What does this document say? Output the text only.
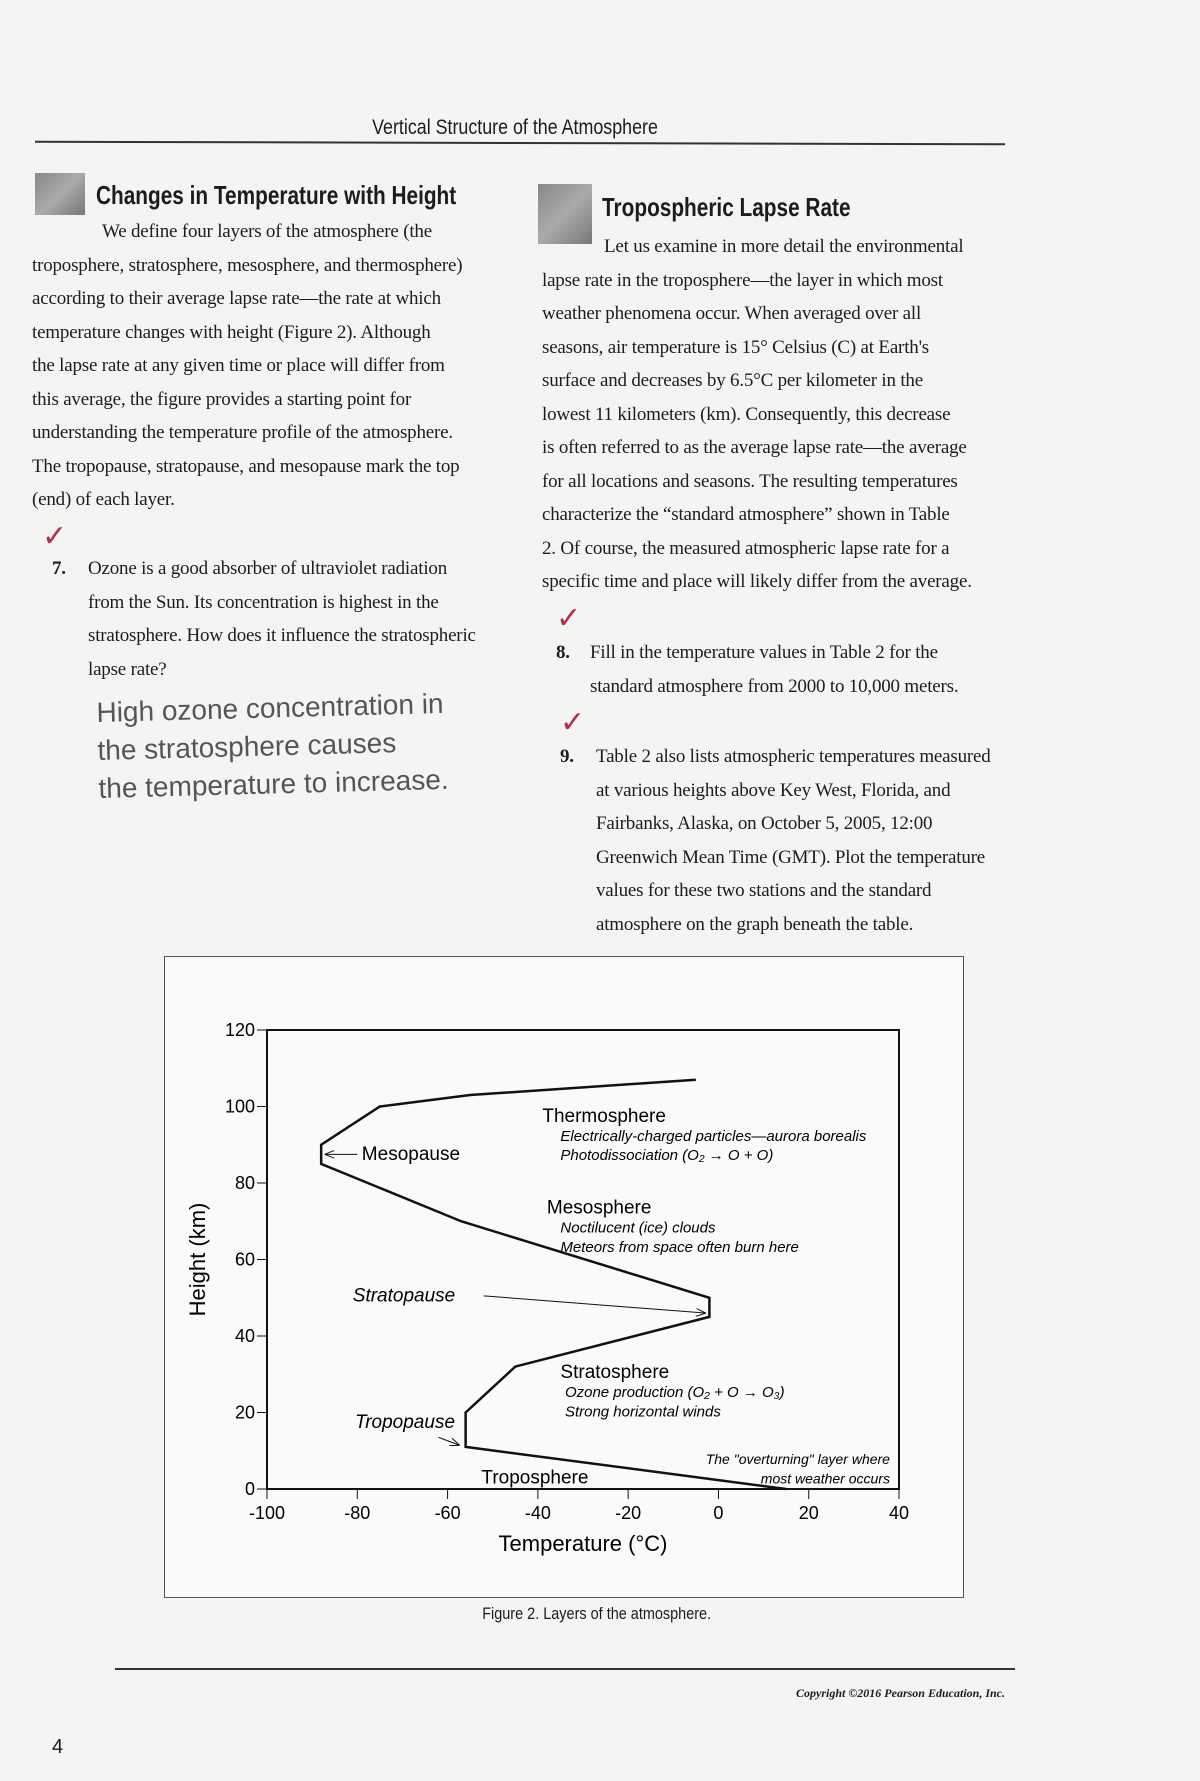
Vertical Structure of the Atmosphere
Changes in Temperature with Height
We define four layers of the atmosphere (the
troposphere, stratosphere, mesosphere, and thermosphere)
according to their average lapse rate—the rate at which
temperature changes with height (Figure 2). Although
the lapse rate at any given time or place will differ from
this average, the figure provides a starting point for
understanding the temperature profile of the atmosphere.
The tropopause, stratopause, and mesopause mark the top
(end) of each layer.
✓
7. Ozone is a good absorber of ultraviolet radiation
from the Sun. Its concentration is highest in the
stratosphere. How does it influence the stratospheric
lapse rate?
High ozone concentration in
the stratosphere causes
the temperature to increase.
Tropospheric Lapse Rate
Let us examine in more detail the environmental
lapse rate in the troposphere—the layer in which most
weather phenomena occur. When averaged over all
seasons, air temperature is 15° Celsius (C) at Earth's
surface and decreases by 6.5°C per kilometer in the
lowest 11 kilometers (km). Consequently, this decrease
is often referred to as the average lapse rate—the average
for all locations and seasons. The resulting temperatures
characterize the “standard atmosphere” shown in Table
2. Of course, the measured atmospheric lapse rate for a
specific time and place will likely differ from the average.
✓
8. Fill in the temperature values in Table 2 for the
standard atmosphere from 2000 to 10,000 meters.
✓
9. Table 2 also lists atmospheric temperatures measured
at various heights above Key West, Florida, and
Fairbanks, Alaska, on October 5, 2005, 12:00
Greenwich Mean Time (GMT). Plot the temperature
values for these two stations and the standard
atmosphere on the graph beneath the table.
-100	-80	-60	-40	-20	0	20	40
0
20
40
60
80
100
120
Temperature (°C)
Height (km)
Thermosphere
Electrically-charged particles—aurora borealis
Photodissociation (O₂ → O + O)
Mesopause
Mesosphere
Noctilucent (ice) clouds
Meteors from space often burn here
Stratopause
Stratosphere
Ozone production (O₂ + O → O₃)
Strong horizontal winds
Tropopause
Troposphere
The "overturning" layer where
most weather occurs
Figure 2. Layers of the atmosphere.
Copyright ©2016 Pearson Education, Inc.
4
